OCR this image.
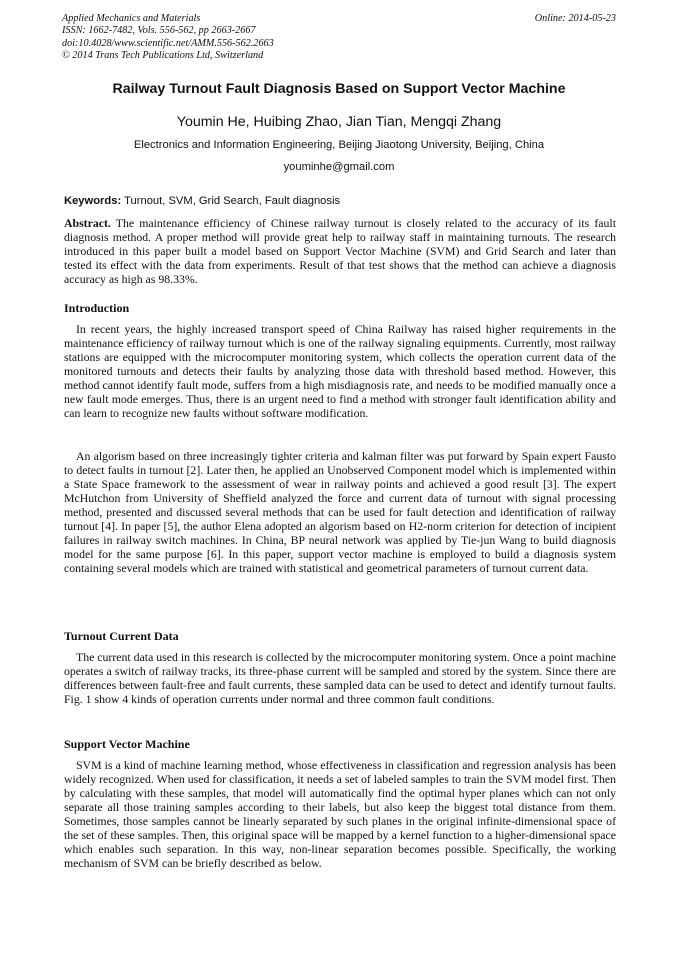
Applied Mechanics and Materials
ISSN: 1662-7482, Vols. 556-562, pp 2663-2667
doi:10.4028/www.scientific.net/AMM.556-562.2663
© 2014 Trans Tech Publications Ltd, Switzerland
Online: 2014-05-23
Railway Turnout Fault Diagnosis Based on Support Vector Machine
Youmin He, Huibing Zhao, Jian Tian, Mengqi Zhang
Electronics and Information Engineering, Beijing Jiaotong University, Beijing, China
youminhe@gmail.com
Keywords: Turnout, SVM, Grid Search, Fault diagnosis
Abstract. The maintenance efficiency of Chinese railway turnout is closely related to the accuracy of its fault diagnosis method. A proper method will provide great help to railway staff in maintaining turnouts. The research introduced in this paper built a model based on Support Vector Machine (SVM) and Grid Search and later than tested its effect with the data from experiments. Result of that test shows that the method can achieve a diagnosis accuracy as high as 98.33%.
Introduction
In recent years, the highly increased transport speed of China Railway has raised higher requirements in the maintenance efficiency of railway turnout which is one of the railway signaling equipments. Currently, most railway stations are equipped with the microcomputer monitoring system, which collects the operation current data of the monitored turnouts and detects their faults by analyzing those data with threshold based method. However, this method cannot identify fault mode, suffers from a high misdiagnosis rate, and needs to be modified manually once a new fault mode emerges. Thus, there is an urgent need to find a method with stronger fault identification ability and can learn to recognize new faults without software modification.
An algorism based on three increasingly tighter criteria and kalman filter was put forward by Spain expert Fausto to detect faults in turnout [2]. Later then, he applied an Unobserved Component model which is implemented within a State Space framework to the assessment of wear in railway points and achieved a good result [3]. The expert McHutchon from University of Sheffield analyzed the force and current data of turnout with signal processing method, presented and discussed several methods that can be used for fault detection and identification of railway turnout [4]. In paper [5], the author Elena adopted an algorism based on H2-norm criterion for detection of incipient failures in railway switch machines. In China, BP neural network was applied by Tie-jun Wang to build diagnosis model for the same purpose [6]. In this paper, support vector machine is employed to build a diagnosis system containing several models which are trained with statistical and geometrical parameters of turnout current data.
Turnout Current Data
The current data used in this research is collected by the microcomputer monitoring system. Once a point machine operates a switch of railway tracks, its three-phase current will be sampled and stored by the system. Since there are differences between fault-free and fault currents, these sampled data can be used to detect and identify turnout faults. Fig. 1 show 4 kinds of operation currents under normal and three common fault conditions.
Support Vector Machine
SVM is a kind of machine learning method, whose effectiveness in classification and regression analysis has been widely recognized. When used for classification, it needs a set of labeled samples to train the SVM model first. Then by calculating with these samples, that model will automatically find the optimal hyper planes which can not only separate all those training samples according to their labels, but also keep the biggest total distance from them. Sometimes, those samples cannot be linearly separated by such planes in the original infinite-dimensional space of the set of these samples. Then, this original space will be mapped by a kernel function to a higher-dimensional space which enables such separation. In this way, non-linear separation becomes possible. Specifically, the working mechanism of SVM can be briefly described as below.
